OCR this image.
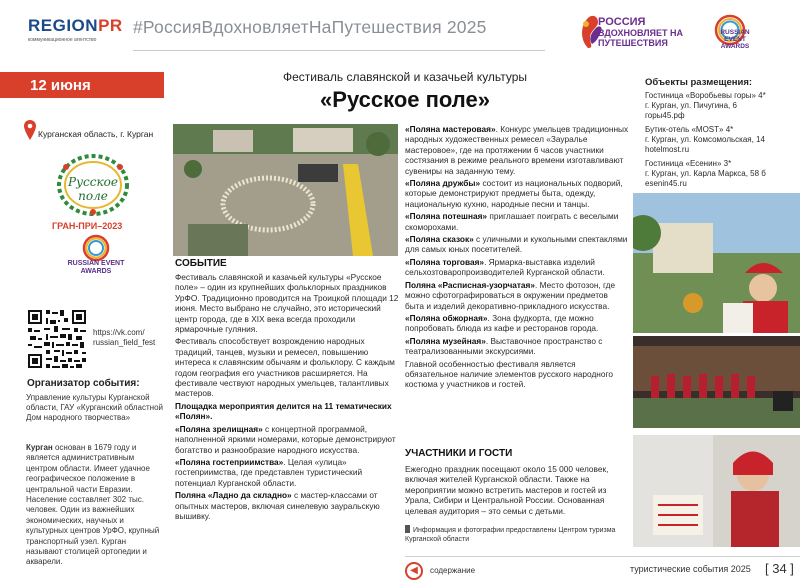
REGIONPR
коммуникационное агентство
#РоссияВдохновляетНаПутешествия 2025	РОССИЯ
ВДОХНОВЛЯЕТ НА ПУТЕШЕСТВИЯ
RUSSIAN EVENT AWARDS
12 июня
Курганская область, г. Курган
Русское поле
ГРАН-ПРИ–2023
RUSSIAN EVENT AWARDS
https://vk.com/
russian_field_fest
Организатор события:
Управление культуры Курганской области, ГАУ «Курганский областной Дом народного творчества»
Курган основан в 1679 году и является административным центром области. Имеет удачное географическое положение в центральной части Евразии. Население составляет 302 тыс. человек. Один из важнейших экономических, научных и культурных центров УрФО, крупный транспортный узел. Курган называют столицей ортопедии и акварели.
Фестиваль славянской и казачьей культуры
«Русское поле»
СОБЫТИЕ

Фестиваль славянской и казачьей культуры «Русское поле» – один из крупнейших фольклорных праздников УрФО. Традиционно проводится на Троицкой площади 12 июня. Место выбрано не случайно, это исторический центр города, где в XIX века всегда проходили ярмарочные гуляния.

Фестиваль способствует возрождению народных традиций, танцев, музыки и ремесел, повышению интереса к славянским обычаям и фольклору. С каждым годом география его участников расширяется. На фестивале чествуют народных умельцев, талантливых мастеров.

Площадка мероприятия делится на 11 тематических «Полян».

«Поляна зрелищная» с концертной программой, наполненной яркими номерами, которые демонстрируют богатство и разнообразие народного искусства.

«Поляна гостеприимства». Целая «улица» гостеприимства, где представлен туристический потенциал Курганской области.

Поляна «Ладно да складно» с мастер-классами от опытных мастеров, включая синелевую зауральскую вышивку.

«Поляна мастеровая». Конкурс умельцев традиционных народных художественных ремесел «Зауралье мастеровое», где на протяжении 6 часов участники состязания в режиме реального времени изготавливают сувениры на заданную тему.

«Поляна дружбы» состоит из национальных подворий, которые демонстрируют предметы быта, одежду, национальную кухню, народные песни и танцы.

«Поляна потешная» приглашает поиграть с веселыми скоморохами.

«Поляна сказок» с уличными и кукольными спектаклями для самых юных посетителей.

«Поляна торговая». Ярмарка-выставка изделий сельхозтоваропроизводителей Курганской области.

Поляна «Расписная-узорчатая». Место фотозон, где можно сфотографироваться в окружении предметов быта и изделий декоративно-прикладного искусства.

«Поляна обжорная». Зона фудкорта, где можно попробовать блюда из кафе и ресторанов города.

«Поляна музейная». Выставочное пространство с театрализованными экскурсиями.

Главной особенностью фестиваля является обязательное наличие элементов русского народного костюма у участников и гостей.

УЧАСТНИКИ И ГОСТИ
Ежегодно праздник посещают около 15 000 человек, включая жителей Курганской области. Также на мероприятии можно встретить мастеров и гостей из Урала, Сибири и Центральной России. Основанная целевая аудитория – это семьи с детьми.
Информация и фотографии предоставлены Центром туризма Курганской области
Объекты размещения:

Гостиница «Воробьевы горы» 4*
г. Курган, ул. Пичугина, 6
горы45.рф

Бутик-отель «MOST» 4*
г. Курган, ул. Комсомольская, 14
hotelmost.ru

Гостиница «Есенин» 3*
г. Курган, ул. Карла Маркса, 58 б
esenin45.ru

◀	содержание	туристические события 2025 [ 34 ]
